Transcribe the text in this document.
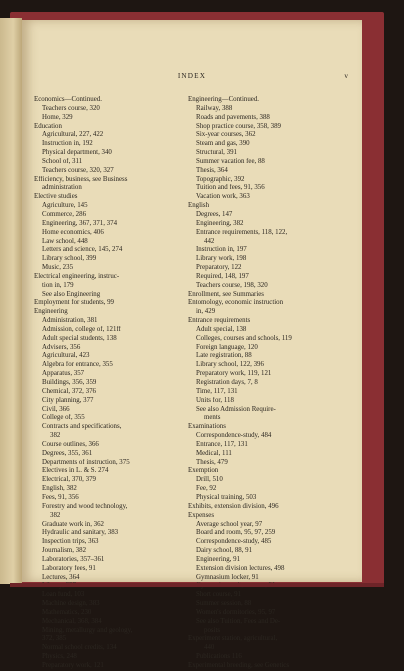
INDEX	v
Economics—Continued.
Teachers course, 320
Home, 329
Education
Agricultural, 227, 422
Instruction in, 192
Physical department, 340
School of, 311
Teachers course, 320, 327
Efficiency, business, see Business
administration
Elective studies
Agriculture, 145
Commerce, 286
Engineering, 367, 371, 374
Home economics, 406
Law school, 448
Letters and science, 145, 274
Library school, 399
Music, 235
Electrical engineering, instruc-
tion in, 179
See also Engineering
Employment for students, 99
Engineering
Administration, 381
Admission, college of, 121ff
Adult special students, 138
Advisers, 356
Agricultural, 423
Algebra for entrance, 355
Apparatus, 357
Buildings, 356, 359
Chemical, 372, 376
City planning, 377
Civil, 366
College of, 355
Contracts and specifications,
382
Course outlines, 366
Degrees, 355, 361
Departments of instruction, 375
Electives in L. & S. 274
Electrical, 370, 379
English, 382
Fees, 91, 356
Forestry and wood technology,
382
Graduate work in, 362
Hydraulic and sanitary, 383
Inspection trips, 363
Journalism, 382
Laboratories, 357–361
Laboratory fees, 91
Lectures, 364
Loan fund, 103
Machine design, 383
Mathematics, 230
Mechanical, 368, 384
Mining, metallurgy and geology,
372, 385
Normal school credits, 134
Physics, 248
Preparatory work, 121
Engineering—Continued.
Railway, 388
Roads and pavements, 388
Shop practice course, 358, 389
Six-year courses, 362
Steam and gas, 390
Structural, 391
Summer vacation fee, 88
Thesis, 364
Topographic, 392
Tuition and fees, 91, 356
Vacation work, 363
English
Degrees, 147
Engineering, 382
Entrance requirements, 118, 122,
442
Instruction in, 197
Library work, 198
Preparatory, 122
Required, 148, 197
Teachers course, 198, 320
Enrollment, see Summaries
Entomology, economic instruction
in, 429
Entrance requirements
Adult special, 138
Colleges, courses and schools, 119
Foreign language, 120
Late registration, 88
Library school, 122, 396
Preparatory work, 119, 121
Registration days, 7, 8
Time, 117, 131
Units for, 118
See also Admission Require-
ments
Examinations
Correspondence-study, 484
Entrance, 117, 131
Medical, 111
Thesis, 479
Exemption
Drill, 510
Fee, 92
Physical training, 503
Exhibits, extension division, 496
Expenses
Average school year, 97
Board and room, 95, 97, 259
Correspondence-study, 485
Dairy school, 88, 91
Engineering, 91
Extension division lectures, 498
Gymnasium locker, 91
Short course, 91
Summer session, 88
Women's dormitories, 95, 97
See also Tuition, Fees and De-
posits
Experiment station, agricultural,
440
Publications 116
Experimental breeding, see Genetics
